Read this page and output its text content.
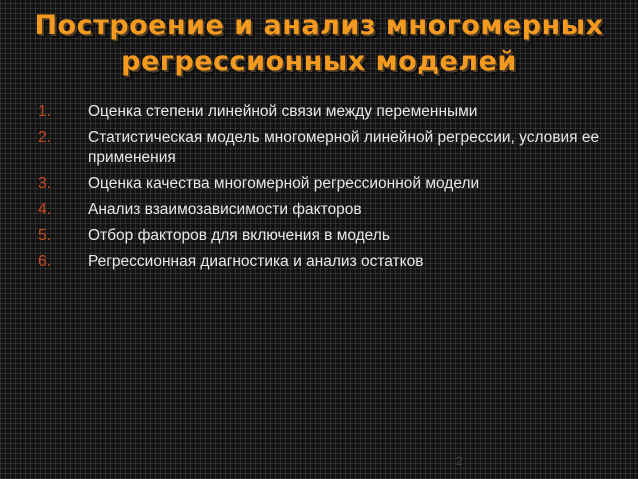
Построение и анализ многомерных
регрессионных моделей
1.	Оценка степени линейной связи между переменными
2.	Статистическая модель многомерной линейной регрессии, условия ее применения
3.	Оценка качества многомерной регрессионной модели
4.	Анализ взаимозависимости факторов
5.	Отбор факторов для включения в модель
6.	Регрессионная диагностика и анализ остатков
2
